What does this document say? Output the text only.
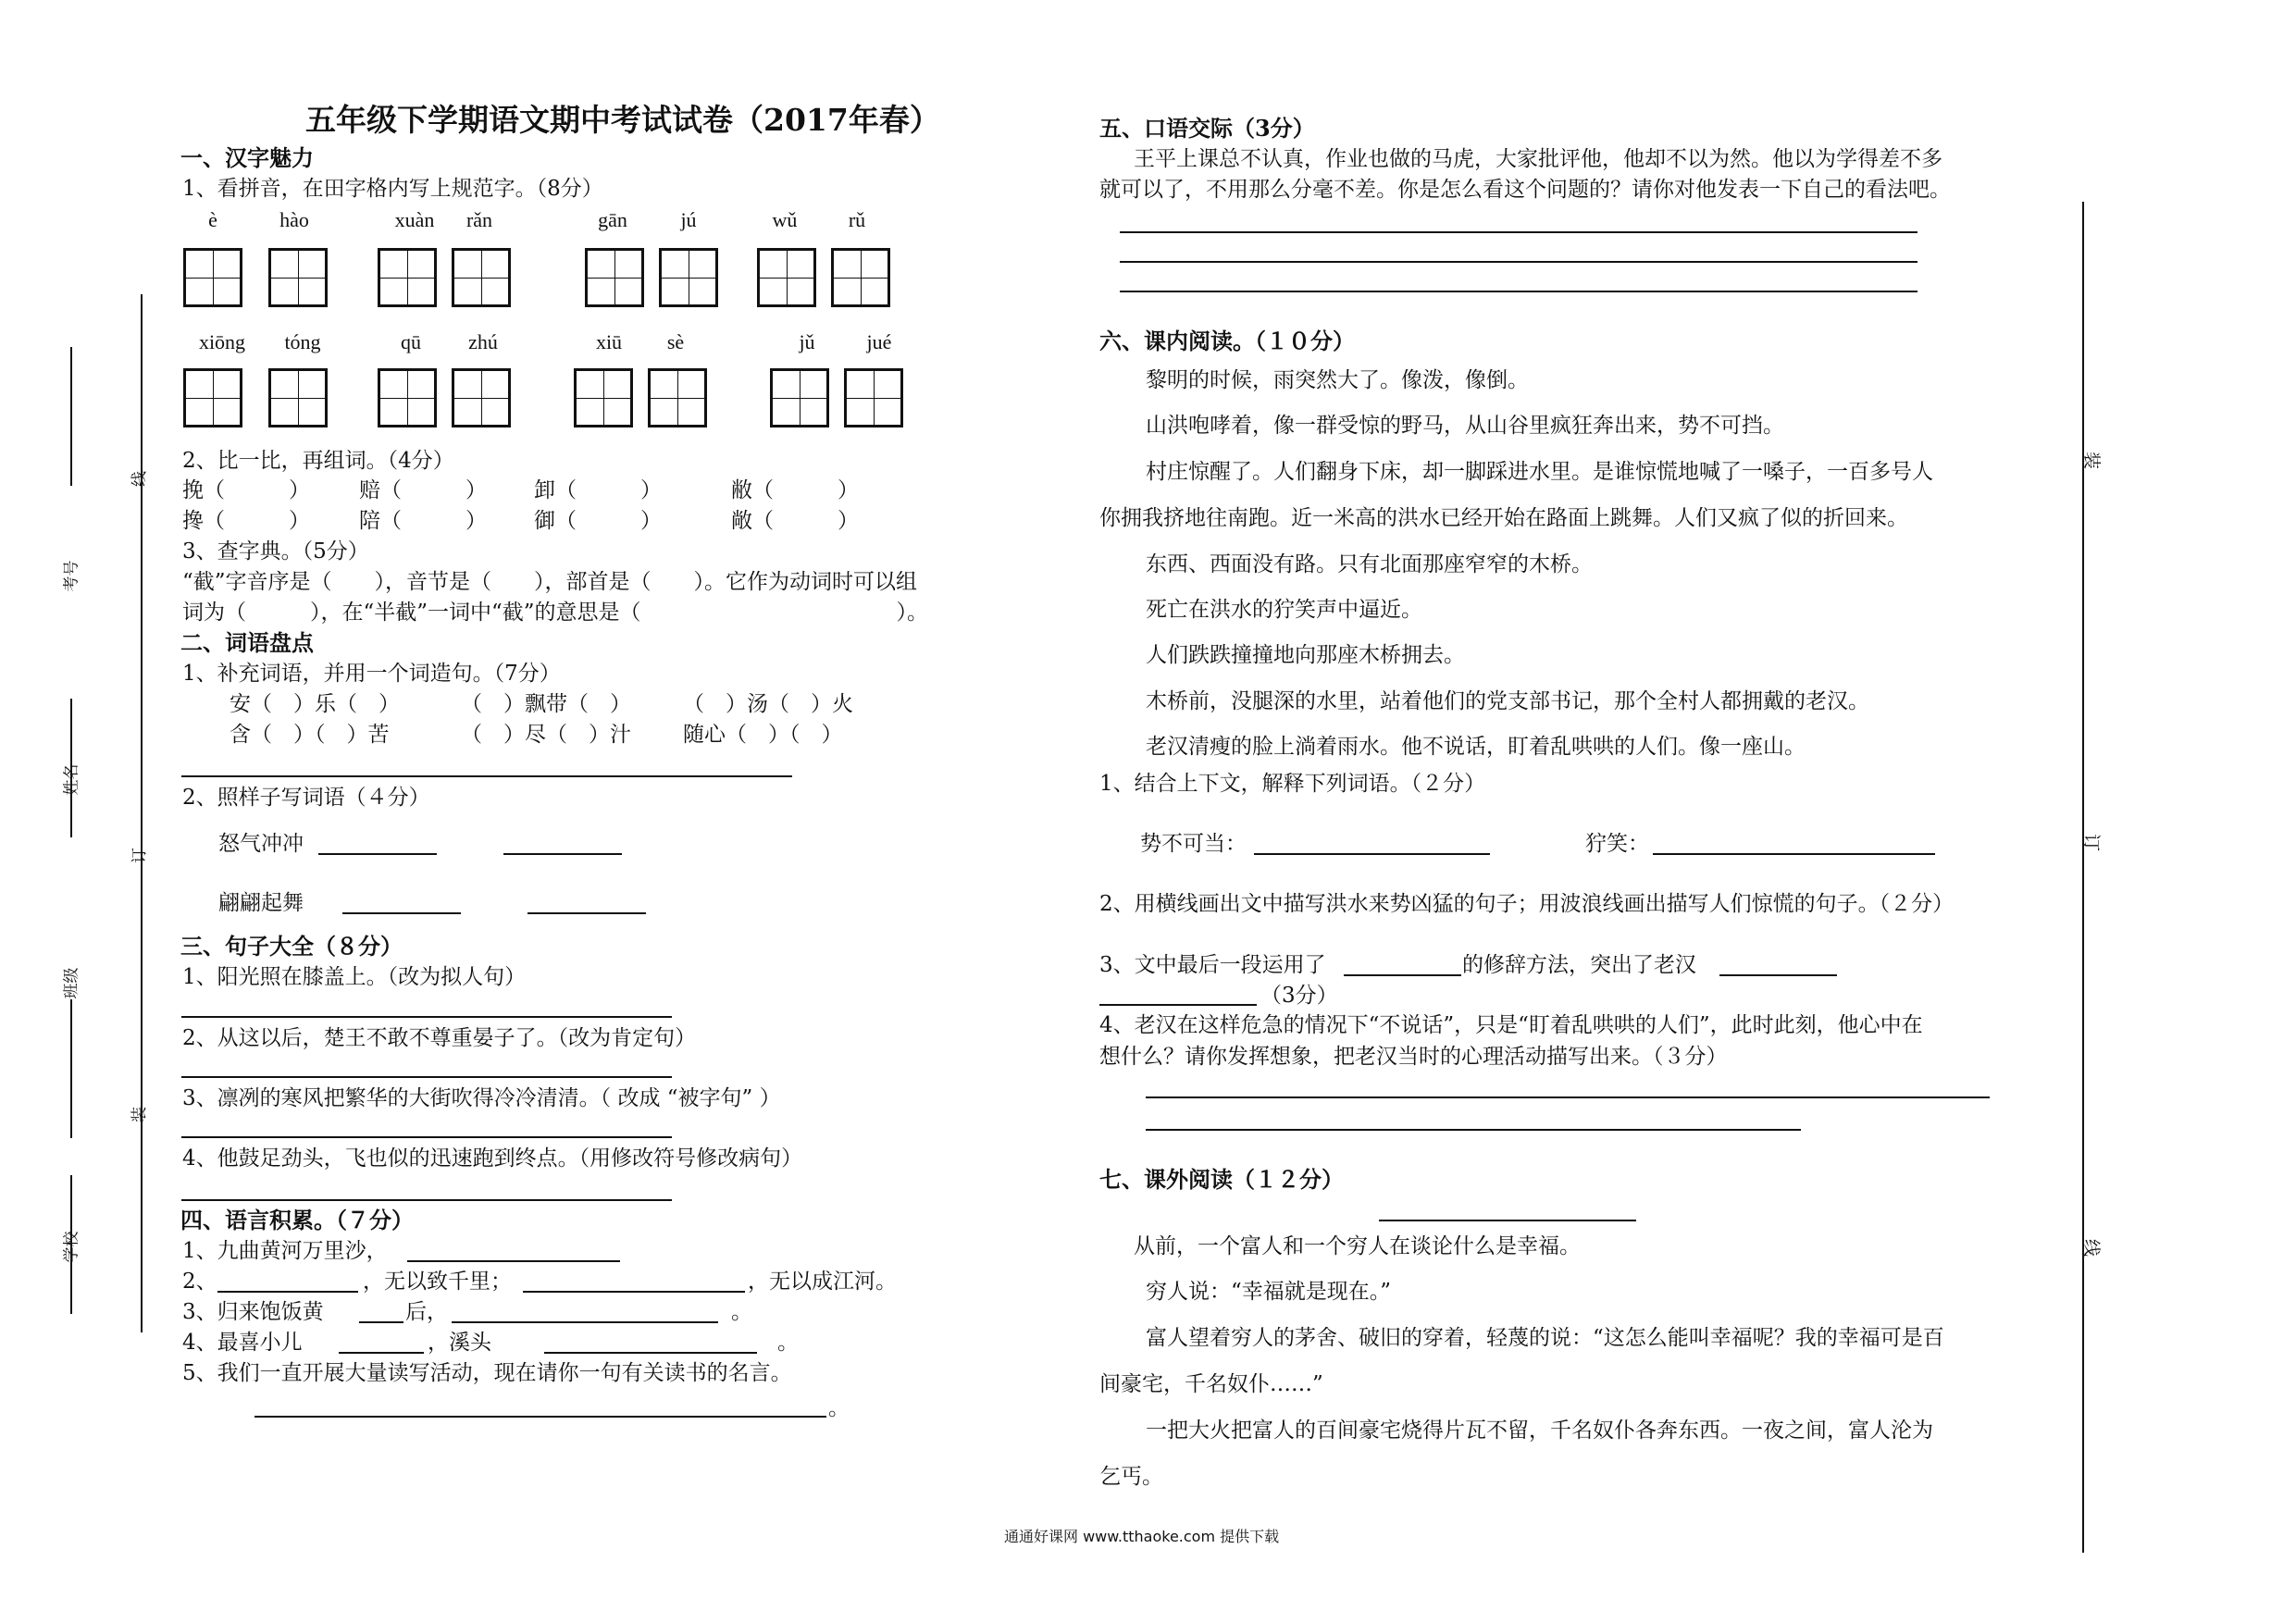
五年级下学期语文期中考试试卷（2017年春）
线
考号
姓名
订
班级
装
学校
一、汉字魅力
1、看拼音，在田字格内写上规范字。（8分）
è	hào	xuàn	rǎn	gān	jú	wǔ	rǔ
xiōng	tóng	qū	zhú	xiū	sè	jǔ	jué
2、比一比，再组词。（4分）
挽（　　　） 赔（　　　） 卸（　　　）	敝（　　　）
搀（　　　） 陪（　　　） 御（　　　）	敞（　　　）
3、查字典。（5分）
“截”字音序是（　　），音节是（　　），部首是（　　）。它作为动词时可以组
词为（　　　），在“半截”一词中“截”的意思是（　　　　　　　　　　　　）。
二、词语盘点
1、补充词语，并用一个词造句。（7分）
安（　）乐（　）	（　）飘带（　） （　）汤（　）火
含（　）（　）苦	（　）尽（　）汁 随心（　）（　）
2、照样子写词语（４分）
怒气冲冲
翩翩起舞
三、句子大全（８分）
1、阳光照在膝盖上。（改为拟人句）
2、从这以后，楚王不敢不尊重晏子了。（改为肯定句）
3、凛冽的寒风把繁华的大街吹得冷冷清清。（ 改成 “被字句” ）
4、他鼓足劲头，飞也似的迅速跑到终点。（用修改符号修改病句）
四、语言积累。（７分）
1、九曲黄河万里沙，
2、	，无以致千里；	，无以成江河。
3、归来饱饭黄	后，	。
4、最喜小儿	，溪头	。
5、我们一直开展大量读写活动，现在请你一句有关读书的名言。
。
五、口语交际（3分）
王平上课总不认真，作业也做的马虎，大家批评他，他却不以为然。他以为学得差不多
就可以了，不用那么分毫不差。你是怎么看这个问题的？请你对他发表一下自己的看法吧。
六、课内阅读。（１０分）
黎明的时候，雨突然大了。像泼，像倒。
山洪咆哮着，像一群受惊的野马，从山谷里疯狂奔出来，势不可挡。
村庄惊醒了。人们翻身下床，却一脚踩进水里。是谁惊慌地喊了一嗓子，一百多号人
你拥我挤地往南跑。近一米高的洪水已经开始在路面上跳舞。人们又疯了似的折回来。
东西、西面没有路。只有北面那座窄窄的木桥。
死亡在洪水的狞笑声中逼近。
人们跌跌撞撞地向那座木桥拥去。
木桥前，没腿深的水里，站着他们的党支部书记，那个全村人都拥戴的老汉。
老汉清瘦的脸上淌着雨水。他不说话，盯着乱哄哄的人们。像一座山。
1、结合上下文，解释下列词语。（２分）
势不可当：	狞笑：
2、用横线画出文中描写洪水来势凶猛的句子；用波浪线画出描写人们惊慌的句子。（２分）
3、文中最后一段运用了	的修辞方法，突出了老汉
（3分）
4、老汉在这样危急的情况下“不说话”，只是“盯着乱哄哄的人们”，此时此刻，他心中在
想什么？请你发挥想象，把老汉当时的心理活动描写出来。（３分）
七、课外阅读（１２分）
从前，一个富人和一个穷人在谈论什么是幸福。
穷人说：“幸福就是现在。”
富人望着穷人的茅舍、破旧的穿着，轻蔑的说：“这怎么能叫幸福呢？我的幸福可是百
间豪宅，千名奴仆……”
一把大火把富人的百间豪宅烧得片瓦不留，千名奴仆各奔东西。一夜之间，富人沦为
乞丐。
装
订
线
通通好课网 www.tthaoke.com 提供下载
